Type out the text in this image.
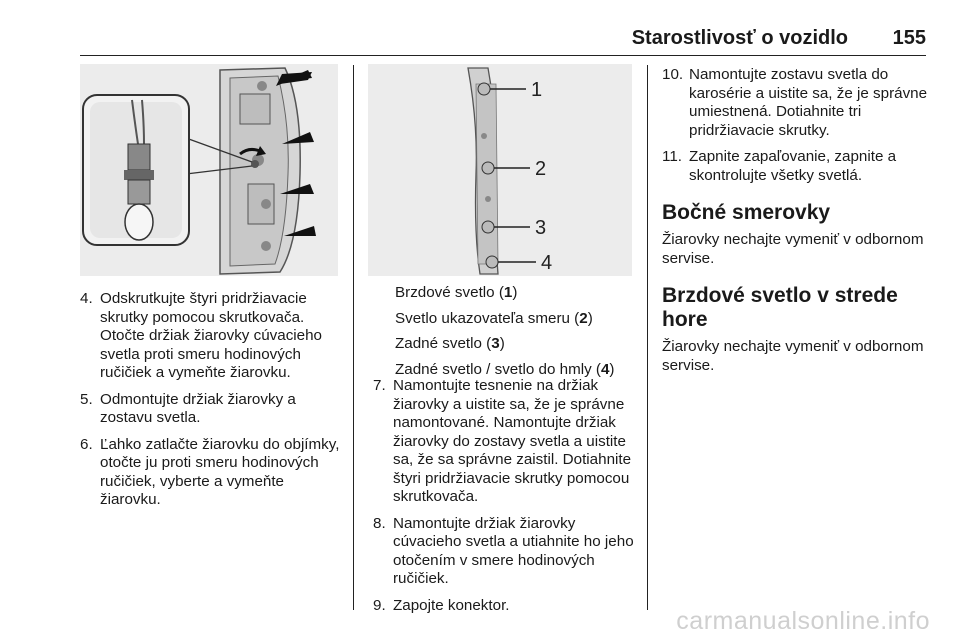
Starostlivosť o vozidlo 155
1
2
3
4
4. Odskrutkujte štyri pridržiavacie skrutky pomocou skrutkovača. Otočte držiak žiarovky cúvacieho svetla proti smeru hodinových ručičiek a vymeňte žiarovku.
5. Odmontujte držiak žiarovky a zostavu svetla.
6. Ľahko zatlačte žiarovku do objímky, otočte ju proti smeru hodinových ručičiek, vyberte a vymeňte žiarovku.

Brzdové svetlo (1)

Svetlo ukazovateľa smeru (2)

Zadné svetlo (3)

Zadné svetlo / svetlo do hmly (4)

7. Namontujte tesnenie na držiak žiarovky a uistite sa, že je správne namontované. Namontujte držiak žiarovky do zostavy svetla a uistite sa, že sa správne zaistil. Dotiahnite štyri pridržiavacie skrutky pomocou skrutkovača.
8. Namontujte držiak žiarovky cúvacieho svetla a utiahnite ho jeho otočením v smere hodinových ručičiek.
9. Zapojte konektor.
10. Namontujte zostavu svetla do karosérie a uistite sa, že je správne umiestnená. Dotiahnite tri pridržiavacie skrutky.
11. Zapnite zapaľovanie, zapnite a skontrolujte všetky svetlá.
Bočné smerovky

Žiarovky nechajte vymeniť v odbornom servise.

Brzdové svetlo v strede hore

Žiarovky nechajte vymeniť v odbornom servise.

carmanualsonline.info
